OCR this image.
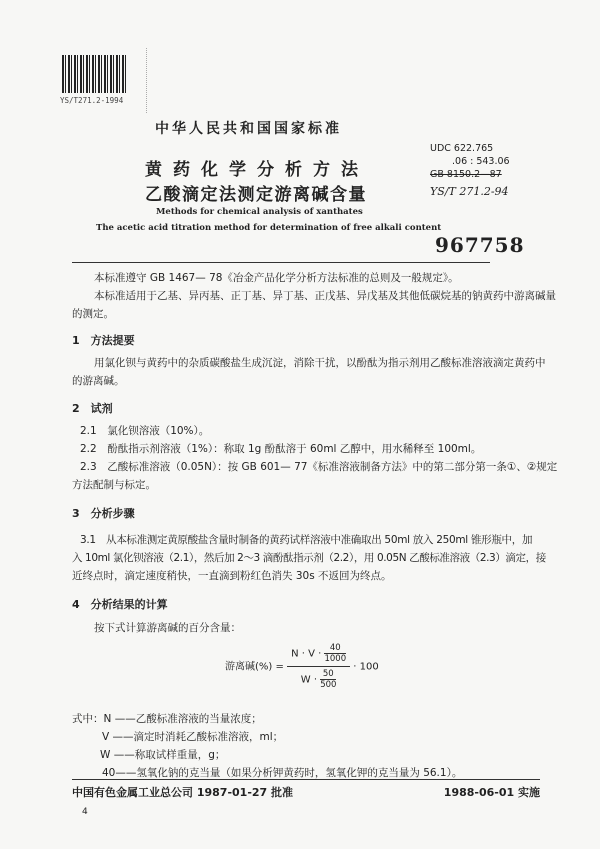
YS/T271.2-1994
中华人民共和国国家标准
黄药化学分析方法
乙酸滴定法测定游离碱含量
Methods for chemical analysis of xanthates
The acetic acid titration method for determination of free alkali content
UDC 622.765
.06 : 543.06
GB 8150.2—87
YS/T 271.2-94
967758
本标准遵守 GB 1467— 78《冶金产品化学分析方法标准的总则及一般规定》。
本标准适用于乙基、异丙基、正丁基、异丁基、正戊基、异戊基及其他低碳烷基的钠黄药中游离碱量
的测定。
1　方法提要
用氯化钡与黄药中的杂质碳酸盐生成沉淀，消除干扰，以酚酞为指示剂用乙酸标准溶液滴定黄药中
的游离碱。
2　试剂
2.1　氯化钡溶液（10%）。
2.2　酚酞指示剂溶液（1%）：称取 1g 酚酞溶于 60ml 乙醇中，用水稀释至 100ml。
2.3　乙酸标准溶液（0.05N）：按 GB 601— 77《标准溶液制备方法》中的第二部分第一条①、②规定
方法配制与标定。
3　分析步骤
3.1　从本标准测定黄原酸盐含量时制备的黄药试样溶液中准确取出 50ml 放入 250ml 锥形瓶中，加
入 10ml 氯化钡溶液（2.1），然后加 2～3 滴酚酞指示剂（2.2），用 0.05N 乙酸标准溶液（2.3）滴定，接
近终点时，滴定速度稍快，一直滴到粉红色消失 30s 不返回为终点。
4　分析结果的计算
按下式计算游离碱的百分含量：
游离碱(%) = $\frac{N \cdot V \cdot \frac{40}{1000}}{W \cdot \frac{50}{500}} \cdot 100$
式中：N ——乙酸标准溶液的当量浓度；
V ——滴定时消耗乙酸标准溶液，ml；
W ——称取试样重量，g；
40——氢氧化钠的克当量（如果分析钾黄药时，氢氧化钾的克当量为 56.1）。
中国有色金属工业总公司 1987-01-27 批准	1988-06-01 实施
4
